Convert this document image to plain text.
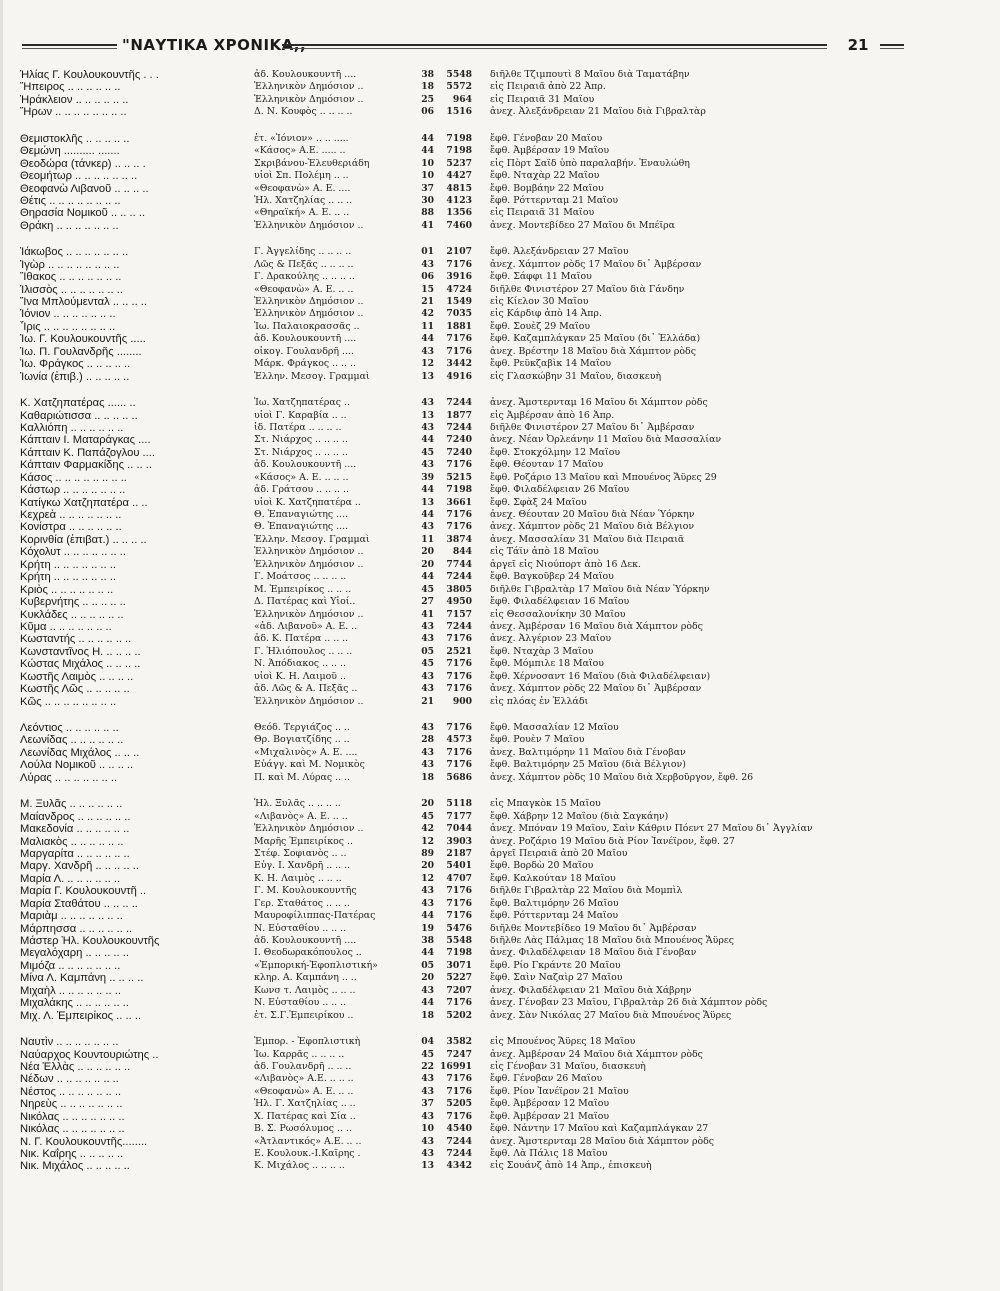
"ΝΑΥΤΙΚΑ ΧΡΟΝΙΚΑ,,	21
Ἡλίας Γ. Κουλουκουντῆς . . .	ἀδ. Κουλουκουντῆ ....	38	5548 διῆλθε Τζιμπουτὶ 8 Μαΐου διὰ Ταματάβην
Ἤπειρος .. .. .. .. .. ..	Ἑλληνικὸν Δημόσιον ..	18	5572 εἰς Πειραιᾶ ἀπὸ 22 Ἀπρ.
Ἡράκλειον .. .. .. .. .. ..	Ἑλληνικὸν Δημόσιον ..	25	964 εἰς Πειραιᾶ 31 Μαΐου
Ἥρων .. .. .. .. .. .. .. ..	Δ. Ν. Κουφὸς .. .. .. ..	06	1516 ἀνεχ. Ἀλεξάνδρειαν 21 Μαΐου διὰ Γιβραλτὰρ
Θεμιστοκλῆς .. .. .. .. ..	ἑτ. «Ἰόνιον» .. .. .....	44	7198 ἔφθ. Γένοβαν 20 Μαΐου
Θεμώνη .......... .......	«Κάσος» Α.Ε. ..... ..	44	7198 ἔφθ. Ἀμβέρσαν 19 Μαΐου
Θεοδώρα (τάνκερ) .. .. .. .	Σκριβάνου-Ἐλευθεριάδη	10	5237 εἰς Πὸρτ Σαΐδ ὑπὸ παραλαβήν. Ἐναυλώθη
Θεομήτωρ .. .. .. .. .. .. ..	υἱοὶ Σπ. Πολέμη .. ..	10	4427 ἔφθ. Νταχὰρ 22 Μαΐου
Θεοφανὼ Λιβανοῦ .. .. .. ..	«Θεοφανὼ» Α. Ε. ....	37	4815 ἔφθ. Βομβάην 22 Μαΐου
Θέτις .. .. .. .. .. .. .. ..	Ἡλ. Χατζηλίας .. .. ..	30	4123 ἔφθ. Ρόττερνταμ 21 Μαΐου
Θηρασία Νομικοῦ .. .. .. ..	«Θηραϊκή» Α. Ε. .. ..	88	1356 εἰς Πειραιᾶ 31 Μαΐου
Θράκη .. .. .. .. .. .. ..	Ἑλληνικὸν Δημόσιον ..	41	7460 ἀνεχ. Μοντεβίδεο 27 Μαΐου δι Μπέϊρα
Ἰάκωβος .. .. .. .. .. .. ..	Γ. Ἀγγελίδης .. .. .. ..	01	2107 ἔφθ. Ἀλεξάνδρειαν 27 Μαΐου
Ἰγὼρ .. .. .. .. .. .. .. ..	Λῶς & Πεξᾶς .. .. .. ..	43	7176 ἀνεχ. Χάμπτον ρὸδς 17 Μαΐου δι᾽ Ἀμβέρσαν
Ἴθακος .. .. .. .. .. .. ..	Γ. Δρακούλης .. .. .. ..	06	3916 ἔφθ. Σάφφι 11 Μαΐου
Ἰλισσὸς .. .. .. .. .. .. ..	«Θεοφανὼ» Α. Ε. .. ..	15	4724 διῆλθε Φινιστέρον 27 Μαΐου διὰ Γάνδην
Ἴνα Μπλούμενταλ .. .. .. ..	Ἑλληνικὸν Δημόσιον ..	21	1549 εἰς Κίελον 30 Μαΐου
Ἰόνιον .. .. .. .. .. .. ..	Ἑλληνικὸν Δημόσιον ..	42	7035 εἰς Κάρδιφ ἀπὸ 14 Ἀπρ.
Ἶρις .. .. .. .. .. .. .. ..	Ἰω. Παλαιοκρασσᾶς ..	11	1881 ἔφθ. Σουὲζ 29 Μαΐου
Ἰω. Γ. Κουλουκουντῆς .....	ἀδ. Κουλουκουντῆ ....	44	7176 ἔφθ. Καζαμπλάγκαν 25 Μαΐου (δι᾽ Ἑλλάδα)
Ἰω. Π. Γουλανδρῆς ........	οἰκογ. Γουλανδρῆ ....	43	7176 ἀνεχ. Βρέστην 18 Μαΐου διὰ Χάμπτον ρὸδς
Ἰω. Φράγκος .. .. .. .. ..	Μάρκ. Φράγκος .. .. ..	12	3442 ἔφθ. Ρεϋκζαβὶκ 14 Μαΐου
Ἰωνία (ἐπιβ.) .. .. .. .. ..	Ἑλλην. Μεσογ. Γραμμαὶ	13	4916 εἰς Γλασκώβην 31 Μαΐου, διασκευὴ
Κ. Χατζηπατέρας ...... ..	Ἰω. Χατζηπατέρας ..	43	7244 ἀνεχ. Ἄμστερνταμ 16 Μαΐου δι Χάμπτον ρὸδς
Καθαριώτισσα .. .. .. .. ..	υἱοὶ Γ. Καραβία .. ..	13	1877 εἰς Ἀμβέρσαν ἀπὸ 16 Ἀπρ.
Καλλιόπη .. .. .. .. .. ..	ἰδ. Πατέρα .. .. .. ..	43	7244 διῆλθε Φινιστέρον 27 Μαΐου δι᾽ Ἀμβέρσαν
Κάπταιν Ι. Ματαράγκας ....	Στ. Νιάρχος .. .. .. ..	44	7240 ἀνεχ. Νέαν Ὀρλεάνην 11 Μαΐου διὰ Μασσαλίαν
Κάπταιν Κ. Παπάζογλου ....	Στ. Νιάρχος .. .. .. ..	45	7240 ἔφθ. Στοκχόλμην 12 Μαΐου
Κάπταιν Φαρμακίδης .. .. ..	ἀδ. Κουλουκουντῆ ....	43	7176 ἔφθ. Θέουταν 17 Μαΐου
Κάσος .. .. .. .. .. .. .. ..	«Κάσος» Α. Ε. .. .. ..	39	5215 ἔφθ. Ροζάριο 13 Μαΐου καὶ Μπουένος Ἄϋρες 29
Κάστωρ .. .. .. .. .. .. ..	ἀδ. Γράτσου .. .. .. ..	44	7198 ἔφθ. Φιλαδέλφειαν 26 Μαΐου
Κατίγκω Χατζηπατέρα .. ..	υἱοὶ Κ. Χατζηπατέρα ..	13	3661 ἔφθ. Σφὰξ 24 Μαΐου
Κεχρεὰ .. .. .. .. .. .. ..	Θ. Ἐπαναγιώτης ....	44	7176 ἀνεχ. Θέουταν 20 Μαΐου διὰ Νέαν Ὑόρκην
Κονίστρα .. .. .. .. .. ..	Θ. Ἐπαναγιώτης ....	43	7176 ἀνεχ. Χάμπτον ρὸδς 21 Μαΐου διὰ Βέλγιον
Κορινθία (ἐπιβατ.) .. .. .. ..	Ἑλλην. Μεσογ. Γραμμαὶ	11	3874 ἀνεχ. Μασσαλίαν 31 Μαΐου διὰ Πειραιᾶ
Κόχολυτ .. .. .. .. .. .. ..	Ἑλληνικὸν Δημόσιον ..	20	844 εἰς Τάϊν ἀπὸ 18 Μαΐου
Κρήτη .. .. .. .. .. .. ..	Ἑλληνικὸν Δημόσιον ..	20	7744 ἀργεῖ εἰς Νιούπορτ ἀπὸ 16 Δεκ.
Κρήτη .. .. .. .. .. .. ..	Γ. Μοάτσος .. .. .. ..	44	7244 ἔφθ. Βαγκοῦβερ 24 Μαΐου
Κριὸς .. .. .. .. .. .. ..	Μ. Ἐμπειρίκος .. .. ..	45	3805 διῆλθε Γιβραλτὰρ 17 Μαΐου διὰ Νέαν Ὑόρκην
Κυβερνήτης .. .. .. .. ..	Δ. Πατέρας καὶ Υἱοί..	27	4950 ἔφθ. Φιλαδέλφειαν 16 Μαΐου
Κυκλάδες .. .. .. .. .. ..	Ἑλληνικὸν Δημόσιον ..	41	7157 εἰς Θεσσαλονίκην 30 Μαΐου
Κῦμα .. .. .. .. .. .. ..	«ἀδ. Λιβανοῦ» Α. Ε. ..	43	7244 ἀνεχ. Ἀμβέρσαν 16 Μαΐου διὰ Χάμπτον ρὸδς
Κωσταντής .. .. .. .. .. ..	ἀδ. Κ. Πατέρα .. .. ..	43	7176 ἀνεχ. Ἀλγέριον 23 Μαΐου
Κωνσταντῖνος Η. .. .. .. ..	Γ. Ἡλιόπουλος .. .. ..	05	2521 ἔφθ. Νταχὰρ 3 Μαΐου
Κώστας Μιχάλος .. .. .. ..	Ν. Ἀπόδιακος .. .. ..	45	7176 ἔφθ. Μόμπιλε 18 Μαΐου
Κωστῆς Λαιμὸς .. .. .. ..	υἱοὶ Κ. Η. Λαιμοῦ ..	43	7176 ἔφθ. Χέρνοσαντ 16 Μαΐου (διὰ Φιλαδέλφειαν)
Κωστῆς Λῶς .. .. .. .. ..	ἀδ. Λῶς & Α. Πεξᾶς ..	43	7176 ἀνεχ. Χάμπτον ρὸδς 22 Μαΐου δι᾽ Ἀμβέρσαν
Κῶς .. .. .. .. .. .. .. ..	Ἑλληνικὸν Δημόσιον ..	21	900 εἰς πλόας ἐν Ἑλλάδι
Λεόντιος .. .. .. .. .. ..	Θεόδ. Τεργιάζος .. ..	43	7176 ἔφθ. Μασσαλίαν 12 Μαΐου
Λεωνίδας .. .. .. .. .. ..	Θρ. Βογιατζίδης .. ..	28	4573 ἔφθ. Ρουὲν 7 Μαΐου
Λεωνίδας Μιχάλος .. .. ..	«Μιχαλινὸς» Α. Ε. ....	43	7176 ἀνεχ. Βαλτιμόρην 11 Μαΐου διὰ Γένοβαν
Λούλα Νομικοῦ .. .. .. ..	Εὐάγγ. καὶ Μ. Νομικὸς	43	7176 ἔφθ. Βαλτιμόρην 25 Μαΐου (διὰ Βέλγιον)
Λύρας .. .. .. .. .. .. ..	Π. καὶ Μ. Λύρας .. ..	18	5686 ἀνεχ. Χάμπτον ρὸδς 10 Μαΐου διὰ Χερβοῦργον, ἔφθ. 26
Μ. Ξυλᾶς .. .. .. .. .. ..	Ἡλ. Ξυλᾶς .. .. .. ..	20	5118 εἰς Μπαγκὸκ 15 Μαΐου
Μαίανδρος .. .. .. .. .. ..	«Λιβανὸς» Α. Ε. .. ..	45	7177 ἔφθ. Χάβρην 12 Μαΐου (διὰ Σαγκάην)
Μακεδονία .. .. .. .. .. ..	Ἑλληνικὸν Δημόσιον ..	42	7044 ἀνεχ. Μπόναν 19 Μαΐου, Σαὶν Κάθριν Πόεντ 27 Μαΐου δι᾽ Ἀγγλίαν
Μαλιακὸς .. .. .. .. .. ..	Μαρῆς Ἐμπειρίκος ..	12	3903 ἀνεχ. Ροζάριο 19 Μαΐου διὰ Ρίον Ἰανέϊρον, ἔφθ. 27
Μαργαρίτα .. .. .. .. .. ..	Στέφ. Σοφιανὸς .. ..	89	2187 ἀργεῖ Πειραιᾶ ἀπὸ 20 Μαΐου
Μαργ. Χανδρῆ .. .. .. .. ..	Εὐγ. Ι. Χανδρῆ .. .. ..	20	5401 ἔφθ. Βορδὼ 20 Μαΐου
Μαρία Λ. .. .. .. .. .. ..	Κ. Η. Λαιμὸς .. .. ..	12	4707 ἔφθ. Καλκούταν 18 Μαΐου
Μαρία Γ. Κουλουκουντῆ ..	Γ. Μ. Κουλουκουντῆς	43	7176 διῆλθε Γιβραλτὰρ 22 Μαΐου διὰ Μομπὶλ
Μαρία Σταθάτου .. .. .. ..	Γερ. Σταθάτος .. .. ..	43	7176 ἔφθ. Βαλτιμόρην 26 Μαΐου
Μαριὰμ .. .. .. .. .. .. ..	Μαυροφίλιππας-Πατέρας	44	7176 ἔφθ. Ρόττερνταμ 24 Μαΐου
Μάρπησσα .. .. .. .. .. ..	Ν. Εὐσταθίου .. .. ..	19	5476 διῆλθε Μοντεβίδεο 19 Μαΐου δι᾽ Ἀμβέρσαν
Μάστερ Ἡλ. Κουλουκουντῆς	ἀδ. Κουλουκουντῆ ....	38	5548 διῆλθε Λὰς Πάλμας 18 Μαΐου διὰ Μπουένος Ἄϋρες
Μεγαλόχαρη .. .. .. .. ..	Ι. Θεοδωρακόπουλος ..	44	7198 ἀνεχ. Φιλαδέλφειαν 18 Μαΐου διὰ Γένοβαν
Μιμόζα .. .. .. .. .. .. ..	«Ἐμπορική-Ἐφοπλιστική»	05	3071 ἔφθ. Ρίο Γκράντε 20 Μαΐου
Μίνα Λ. Καμπάνη .. .. .. ..	κληρ. Α. Καμπάνη .. ..	20	5227 ἔφθ. Σαὶν Ναζαὶρ 27 Μαΐου
Μιχαὴλ .. .. .. .. .. .. ..	Κωνσ τ. Λαιμὸς .. .. ..	43	7207 ἀνεχ. Φιλαδέλφειαν 21 Μαΐου διὰ Χάβρην
Μιχαλάκης .. .. .. .. .. ..	Ν. Εὐσταθίου .. .. ..	44	7176 ἀνεχ. Γένοβαν 23 Μαΐου, Γιβραλτὰρ 26 διὰ Χάμπτον ρὸδς
Μιχ. Λ. Ἐμπειρίκος .. .. ..	ἑτ. Σ.Γ.Ἐμπειρίκου ..	18	5202 ἀνεχ. Σὰν Νικόλας 27 Μαΐου διὰ Μπουένος Ἄϋρες
Ναυτὶν .. .. .. .. .. .. ..	Ἐμπορ. - Ἐφοπλιστικὴ	04	3582 εἰς Μπουένος Ἄϋρες 18 Μαΐου
Ναύαρχος Κουντουριώτης ..	Ἰω. Καρρᾶς .. .. .. ..	45	7247 ἀνεχ. Ἀμβέρσαν 24 Μαΐου διὰ Χάμπτον ρὸδς
Νέα Ἑλλὰς .. .. .. .. .. ..	ἀδ. Γουλανδρῆ .. .. ..	22 16991 εἰς Γένοβαν 31 Μαΐου, διασκευὴ
Νέδων .. .. .. .. .. .. ..	«Λιβανὸς» Α.Ε. .. .. ..	43	7176 ἔφθ. Γένοβαν 26 Μαΐου
Νέστος .. .. .. .. .. .. ..	«Θεοφανὼ» Α. Ε. .. ..	43	7176 ἔφθ. Ρίον Ἰανέϊρον 21 Μαΐου
Νηρεὺς .. .. .. .. .. .. ..	Ἡλ. Γ. Χατζηλίας .. ..	37	5205 ἔφθ. Ἀμβέρσαν 12 Μαΐου
Νικόλας .. .. .. .. .. .. ..	Χ. Πατέρας καὶ Σία ..	43	7176 ἔφθ. Ἀμβέρσαν 21 Μαΐου
Νικόλας .. .. .. .. .. .. ..	Β. Σ. Ρωσόλυμος .. ..	10	4540 ἔφθ. Νάντην 17 Μαΐου καὶ Καζαμπλάγκαν 27
Ν. Γ. Κουλουκουντῆς........	«Ἀτλαντικός» Α.Ε. .. ..	43	7244 ἀνεχ. Ἄμστερνταμ 28 Μαΐου διὰ Χάμπτον ρὸδς
Νικ. Καΐρης .. .. .. .. ..	Ε. Κουλουκ.-Ι.Καΐρης .	43	7244 ἔφθ. Λὰ Πάλις 18 Μαΐου
Νικ. Μιχάλος .. .. .. .. ..	Κ. Μιχάλος .. .. .. ..	13	4342 εἰς Σουάνζ ἀπὸ 14 Ἀπρ., ἐπισκευὴ
